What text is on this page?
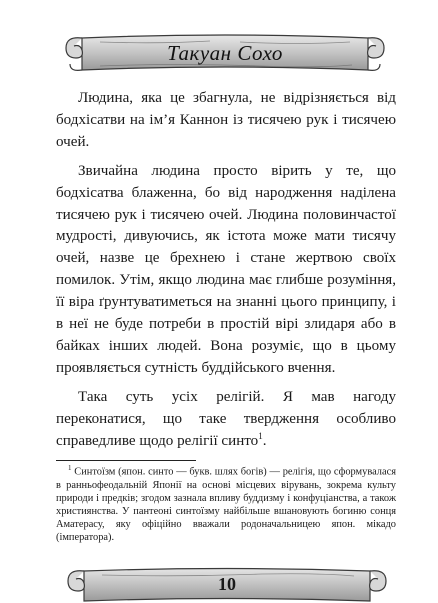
Такуан Сохо

Людина, яка це збагнула, не відрізняється від бодхісатви на ім’я Каннон із тисячею рук і тисячею очей.

Звичайна людина просто вірить у те, що бодхісатва блаженна, бо від народження наділена тисячею рук і тисячею очей. Людина половинчастої мудрості, дивуючись, як істота може мати тисячу очей, назве це брехнею і стане жертвою своїх помилок. Утім, якщо людина має глибше розуміння, її віра ґрунтуватиметься на знанні цього принципу, і в неї не буде потреби в простій вірі злидаря або в байках інших людей. Вона розуміє, що в цьому проявляється сутність буддійського вчення.

Така суть усіх релігій. Я мав нагоду переконатися, що таке твердження особливо справедливе щодо релігії синто$^1$.

$^1$ Синтоїзм (япон. синто — букв. шлях богів) — релігія, що сформувалася в ранньофеодальній Японії на основі місцевих вірувань, зокрема культу природи і предків; згодом зазнала впливу буддизму і конфуціанства, а також християнства. У пантеоні синтоїзму найбільше вшановують богиню сонця Аматерасу, яку офіційно вважали родоначальницею япон. мікадо (імператора).
10
